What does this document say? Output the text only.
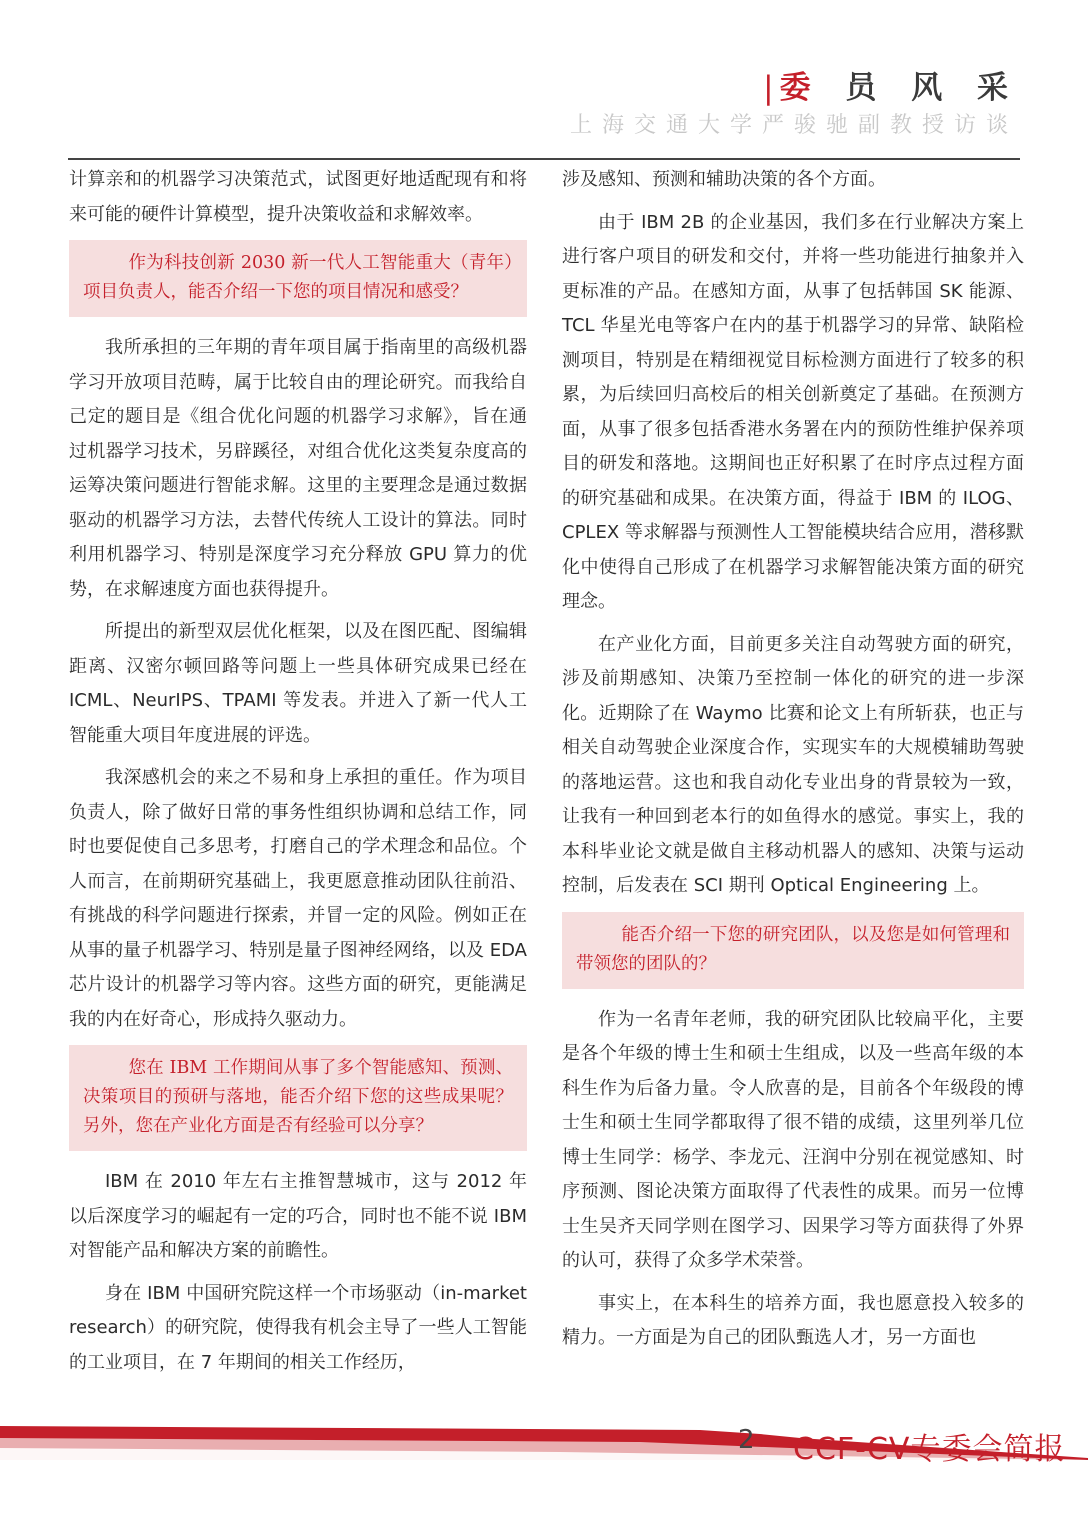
|委 员 风 采
上海交通大学严骏驰副教授访谈

计算亲和的机器学习决策范式，试图更好地适配现有和将来可能的硬件计算模型，提升决策收益和求解效率。

作为科技创新 2030 新一代人工智能重大（青年）项目负责人，能否介绍一下您的项目情况和感受？

我所承担的三年期的青年项目属于指南里的高级机器学习开放项目范畴，属于比较自由的理论研究。而我给自己定的题目是《组合优化问题的机器学习求解》，旨在通过机器学习技术，另辟蹊径，对组合优化这类复杂度高的运筹决策问题进行智能求解。这里的主要理念是通过数据驱动的机器学习方法，去替代传统人工设计的算法。同时利用机器学习、特别是深度学习充分释放 GPU 算力的优势，在求解速度方面也获得提升。

所提出的新型双层优化框架，以及在图匹配、图编辑距离、汉密尔顿回路等问题上一些具体研究成果已经在 ICML、NeurIPS、TPAMI 等发表。并进入了新一代人工智能重大项目年度进展的评选。

我深感机会的来之不易和身上承担的重任。作为项目负责人，除了做好日常的事务性组织协调和总结工作，同时也要促使自己多思考，打磨自己的学术理念和品位。个人而言，在前期研究基础上，我更愿意推动团队往前沿、有挑战的科学问题进行探索，并冒一定的风险。例如正在从事的量子机器学习、特别是量子图神经网络，以及 EDA 芯片设计的机器学习等内容。这些方面的研究，更能满足我的内在好奇心，形成持久驱动力。

您在 IBM 工作期间从事了多个智能感知、预测、决策项目的预研与落地，能否介绍下您的这些成果呢？另外，您在产业化方面是否有经验可以分享？

IBM 在 2010 年左右主推智慧城市，这与 2012 年以后深度学习的崛起有一定的巧合，同时也不能不说 IBM 对智能产品和解决方案的前瞻性。

身在 IBM 中国研究院这样一个市场驱动（in-market research）的研究院，使得我有机会主导了一些人工智能的工业项目，在 7 年期间的相关工作经历，

涉及感知、预测和辅助决策的各个方面。

由于 IBM 2B 的企业基因，我们多在行业解决方案上进行客户项目的研发和交付，并将一些功能进行抽象并入更标准的产品。在感知方面，从事了包括韩国 SK 能源、TCL 华星光电等客户在内的基于机器学习的异常、缺陷检测项目，特别是在精细视觉目标检测方面进行了较多的积累，为后续回归高校后的相关创新奠定了基础。在预测方面，从事了很多包括香港水务署在内的预防性维护保养项目的研发和落地。这期间也正好积累了在时序点过程方面的研究基础和成果。在决策方面，得益于 IBM 的 ILOG、CPLEX 等求解器与预测性人工智能模块结合应用，潜移默化中使得自己形成了在机器学习求解智能决策方面的研究理念。

在产业化方面，目前更多关注自动驾驶方面的研究，涉及前期感知、决策乃至控制一体化的研究的进一步深化。近期除了在 Waymo 比赛和论文上有所斩获，也正与相关自动驾驶企业深度合作，实现实车的大规模辅助驾驶的落地运营。这也和我自动化专业出身的背景较为一致，让我有一种回到老本行的如鱼得水的感觉。事实上，我的本科毕业论文就是做自主移动机器人的感知、决策与运动控制，后发表在 SCI 期刊 Optical Engineering 上。

能否介绍一下您的研究团队，以及您是如何管理和带领您的团队的？

作为一名青年老师，我的研究团队比较扁平化，主要是各个年级的博士生和硕士生组成，以及一些高年级的本科生作为后备力量。令人欣喜的是，目前各个年级段的博士生和硕士生同学都取得了很不错的成绩，这里列举几位博士生同学：杨学、李龙元、汪润中分别在视觉感知、时序预测、图论决策方面取得了代表性的成果。而另一位博士生吴齐天同学则在图学习、因果学习等方面获得了外界的认可，获得了众多学术荣誉。

事实上，在本科生的培养方面，我也愿意投入较多的精力。一方面是为自己的团队甄选人才，另一方面也

2 CCF-CV专委会简报
